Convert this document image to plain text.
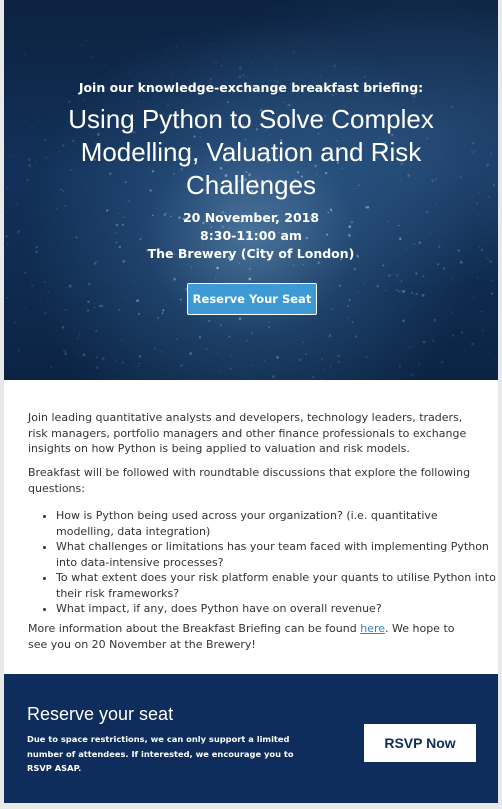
Join our knowledge-exchange breakfast briefing:
Using Python to Solve Complex Modelling, Valuation and Risk Challenges
20 November, 2018
8:30-11:00 am
The Brewery (City of London)
Reserve Your Seat

Join leading quantitative analysts and developers, technology leaders, traders, risk managers, portfolio managers and other finance professionals to exchange insights on how Python is being applied to valuation and risk models.

Breakfast will be followed with roundtable discussions that explore the following questions:

• How is Python being used across your organization? (i.e. quantitative modelling, data integration)
• What challenges or limitations has your team faced with implementing Python into data-intensive processes?
• To what extent does your risk platform enable your quants to utilise Python into their risk frameworks?
• What impact, if any, does Python have on overall revenue?

More information about the Breakfast Briefing can be found here. We hope to see you on 20 November at the Brewery!

Reserve your seat
Due to space restrictions, we can only support a limited number of attendees. If interested, we encourage you to RSVP ASAP.
RSVP Now
